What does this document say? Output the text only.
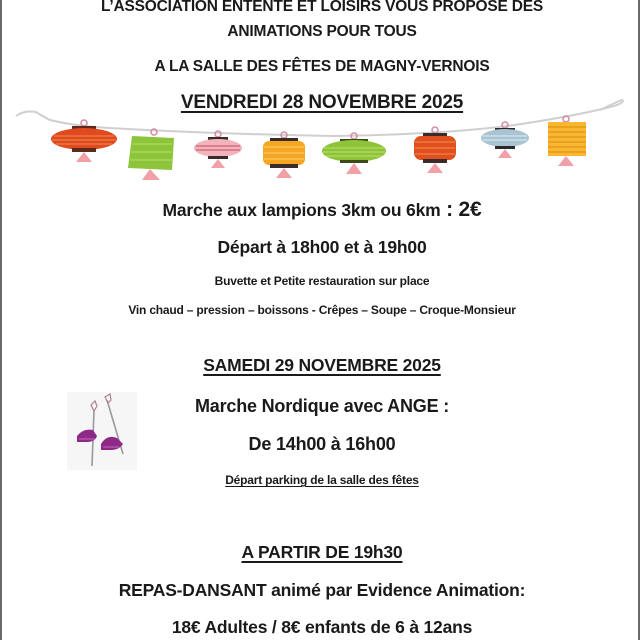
L’ASSOCIATION ENTENTE ET LOISIRS VOUS PROPOSE DES
ANIMATIONS POUR TOUS
A LA SALLE DES FÊTES DE MAGNY-VERNOIS
VENDREDI 28 NOVEMBRE 2025
Marche aux lampions 3km ou 6km : 2€
Départ à 18h00 et à 19h00
Buvette et Petite restauration sur place
Vin chaud – pression – boissons - Crêpes – Soupe – Croque-Monsieur
SAMEDI 29 NOVEMBRE 2025
Marche Nordique avec ANGE :
De 14h00 à 16h00
Départ parking de la salle des fêtes
A PARTIR DE 19h30
REPAS-DANSANT animé par Evidence Animation:
18€ Adultes / 8€ enfants de 6 à 12ans
